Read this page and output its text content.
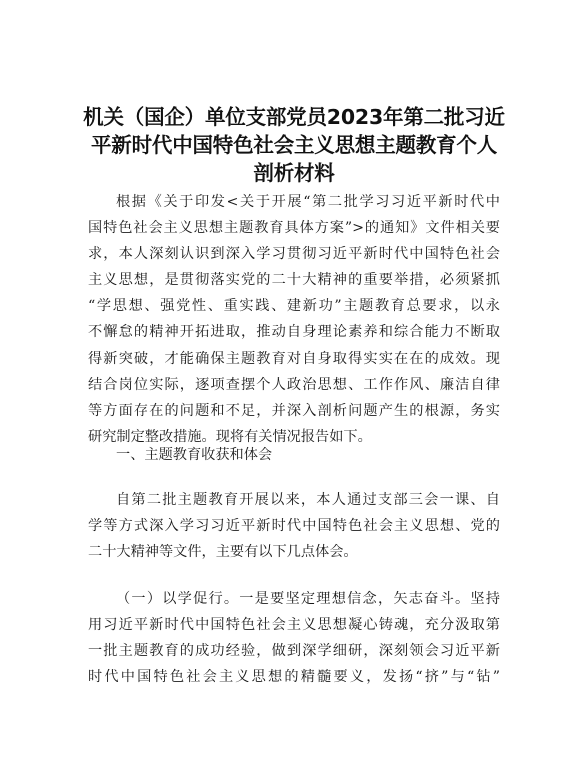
机关（国企）单位支部党员2023年第二批习近
平新时代中国特色社会主义思想主题教育个人
剖析材料
根据《关于印发<关于开展“第二批学习习近平新时代中
国特色社会主义思想主题教育具体方案”>的通知》文件相关要
求，本人深刻认识到深入学习贯彻习近平新时代中国特色社会
主义思想，是贯彻落实党的二十大精神的重要举措，必须紧抓
“学思想、强党性、重实践、建新功”主题教育总要求，以永
不懈怠的精神开拓进取，推动自身理论素养和综合能力不断取
得新突破，才能确保主题教育对自身取得实实在在的成效。现
结合岗位实际，逐项查摆个人政治思想、工作作风、廉洁自律
等方面存在的问题和不足，并深入剖析问题产生的根源，务实
研究制定整改措施。现将有关情况报告如下。
一、主题教育收获和体会
自第二批主题教育开展以来，本人通过支部三会一课、自
学等方式深入学习习近平新时代中国特色社会主义思想、党的
二十大精神等文件，主要有以下几点体会。
（一）以学促行。一是要坚定理想信念，矢志奋斗。坚持
用习近平新时代中国特色社会主义思想凝心铸魂，充分汲取第
一批主题教育的成功经验，做到深学细研，深刻领会习近平新
时代中国特色社会主义思想的精髓要义，发扬“挤”与“钻”
